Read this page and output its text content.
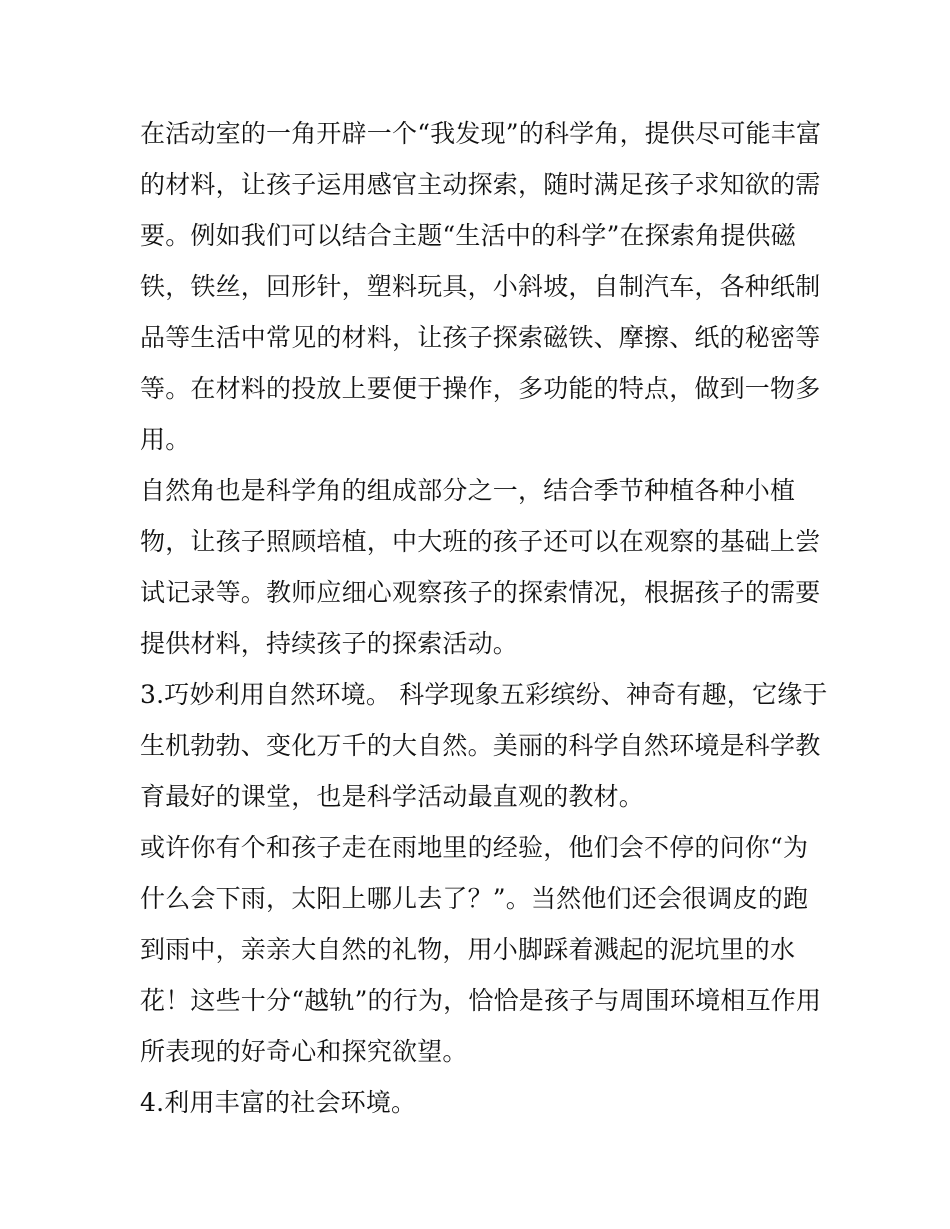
在活动室的一角开辟一个“我发现”的科学角，提供尽可能丰富
的材料，让孩子运用感官主动探索，随时满足孩子求知欲的需
要。例如我们可以结合主题“生活中的科学”在探索角提供磁
铁，铁丝，回形针，塑料玩具，小斜坡，自制汽车，各种纸制
品等生活中常见的材料，让孩子探索磁铁、摩擦、纸的秘密等
等。在材料的投放上要便于操作，多功能的特点，做到一物多
用。

自然角也是科学角的组成部分之一，结合季节种植各种小植
物，让孩子照顾培植，中大班的孩子还可以在观察的基础上尝
试记录等。教师应细心观察孩子的探索情况，根据孩子的需要
提供材料，持续孩子的探索活动。

3.巧妙利用自然环境。 科学现象五彩缤纷、神奇有趣，它缘于
生机勃勃、变化万千的大自然。美丽的科学自然环境是科学教
育最好的课堂，也是科学活动最直观的教材。

或许你有个和孩子走在雨地里的经验，他们会不停的问你“为
什么会下雨，太阳上哪儿去了？”。当然他们还会很调皮的跑
到雨中，亲亲大自然的礼物，用小脚踩着溅起的泥坑里的水
花！这些十分“越轨”的行为，恰恰是孩子与周围环境相互作用
所表现的好奇心和探究欲望。

4.利用丰富的社会环境。
